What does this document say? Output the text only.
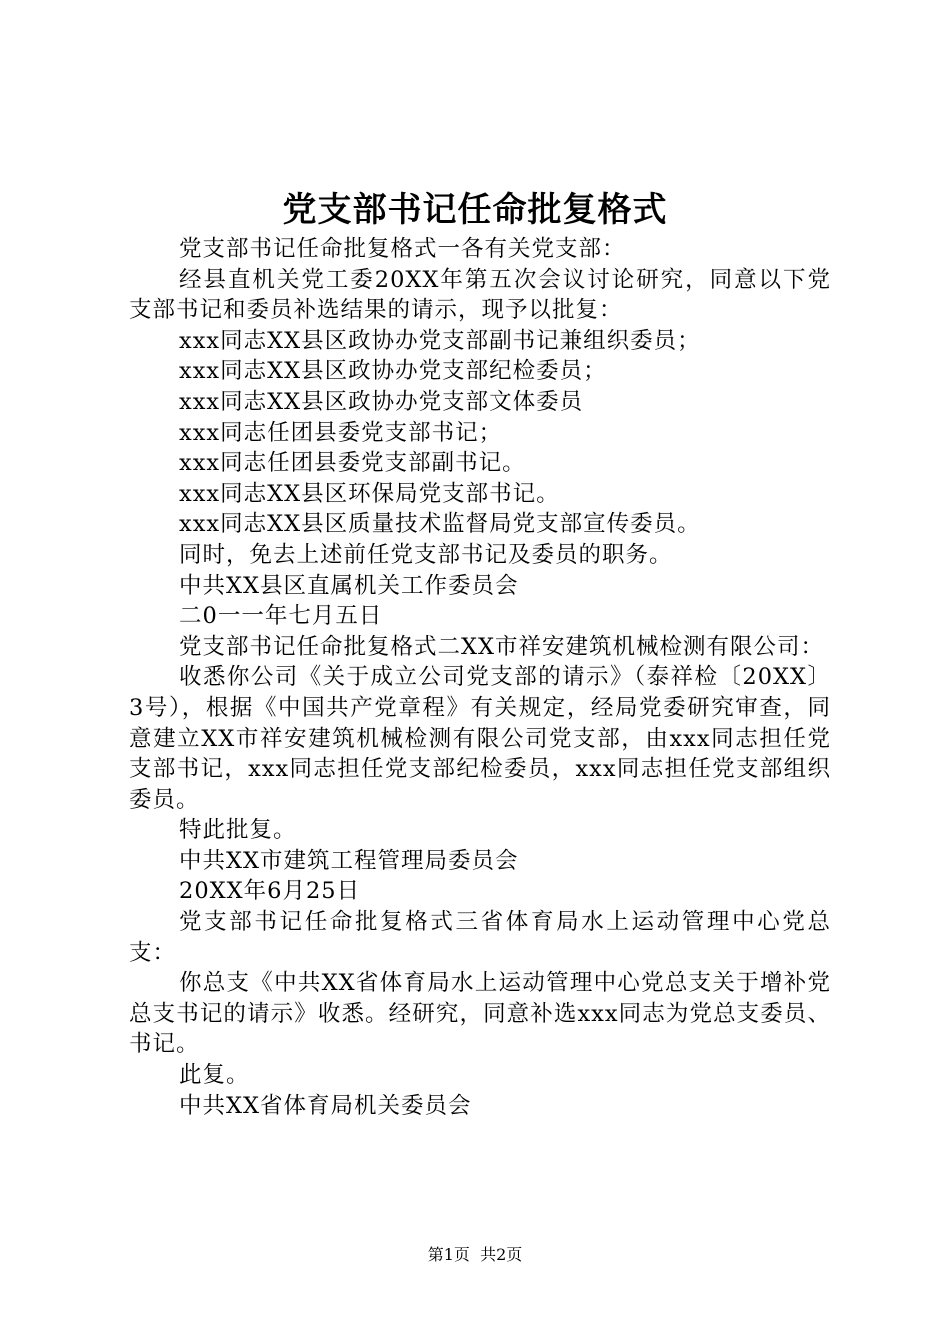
党支部书记任命批复格式

党支部书记任命批复格式一各有关党支部：

经县直机关党工委20XX年第五次会议讨论研究，同意以下党支部书记和委员补选结果的请示，现予以批复：

xxx同志XX县区政协办党支部副书记兼组织委员；

xxx同志XX县区政协办党支部纪检委员；

xxx同志XX县区政协办党支部文体委员

xxx同志任团县委党支部书记；

xxx同志任团县委党支部副书记。

xxx同志XX县区环保局党支部书记。

xxx同志XX县区质量技术监督局党支部宣传委员。

同时，免去上述前任党支部书记及委员的职务。

中共XX县区直属机关工作委员会

二0一一年七月五日

党支部书记任命批复格式二XX市祥安建筑机械检测有限公司：

收悉你公司《关于成立公司党支部的请示》（泰祥检〔20XX〕3号），根据《中国共产党章程》有关规定，经局党委研究审查，同意建立XX市祥安建筑机械检测有限公司党支部，由xxx同志担任党支部书记，xxx同志担任党支部纪检委员，xxx同志担任党支部组织委员。

特此批复。

中共XX市建筑工程管理局委员会

20XX年6月25日

党支部书记任命批复格式三省体育局水上运动管理中心党总支：

你总支《中共XX省体育局水上运动管理中心党总支关于增补党总支书记的请示》收悉。经研究，同意补选xxx同志为党总支委员、书记。

此复。

中共XX省体育局机关委员会

第1页  共2页
